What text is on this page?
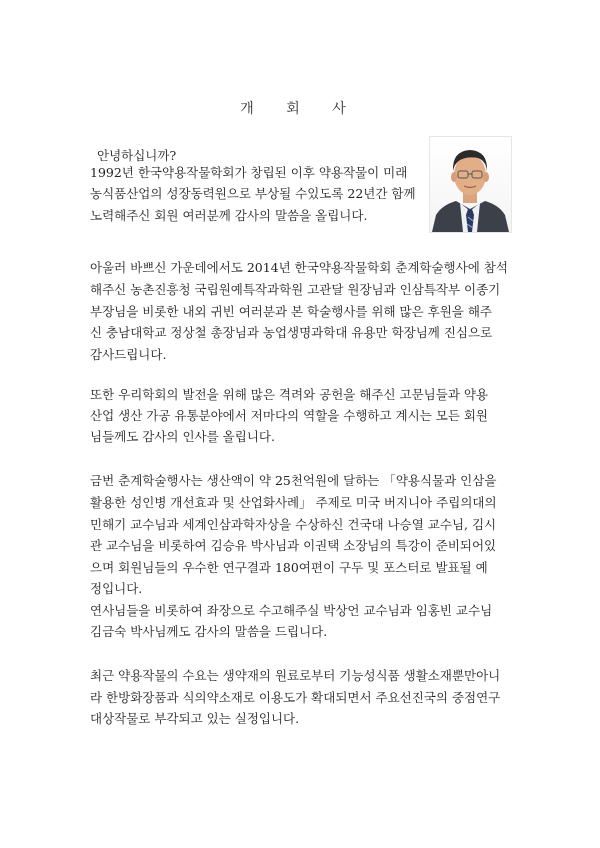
개 회 사
안녕하십니까?
1992년 한국약용작물학회가 창립된 이후 약용작물이 미래
농식품산업의 성장동력원으로 부상될 수있도록 22년간 함께
노력해주신 회원 여러분께 감사의 말씀을 올립니다.
아울러 바쁘신 가운데에서도 2014년 한국약용작물학회 춘계학술행사에 참석
해주신 농촌진흥청 국립원예특작과학원 고관달 원장님과 인삼특작부 이종기
부장님을 비롯한 내외 귀빈 여러분과 본 학술행사를 위해 많은 후원을 해주
신 충남대학교 정상철 총장님과 농업생명과학대 유용만 학장님께 진심으로
감사드립니다.
또한 우리학회의 발전을 위해 많은 격려와 공헌을 해주신 고문님들과 약용
산업 생산 가공 유통분야에서 저마다의 역할을 수행하고 계시는 모든 회원
님들께도 감사의 인사를 올립니다.
금번 춘계학술행사는 생산액이 약 25천억원에 달하는 「약용식물과 인삼을
활용한 성인병 개선효과 및 산업화사례」 주제로 미국 버지니아 주립의대의
민해기 교수님과 세계인삼과학자상을 수상하신 건국대 나승열 교수님, 김시
관 교수님을 비롯하여 김승유 박사님과 이권택 소장님의 특강이 준비되어있
으며 회원님들의 우수한 연구결과 180여편이 구두 및 포스터로 발표될 예
정입니다.
연사님들을 비롯하여 좌장으로 수고해주실 박상언 교수님과 임홍빈 교수님
김금숙 박사님께도 감사의 말씀을 드립니다.
최근 약용작물의 수요는 생약재의 원료로부터 기능성식품 생활소재뿐만아니
라 한방화장품과 식의약소재로 이용도가 확대되면서 주요선진국의 중점연구
대상작물로 부각되고 있는 실정입니다.
